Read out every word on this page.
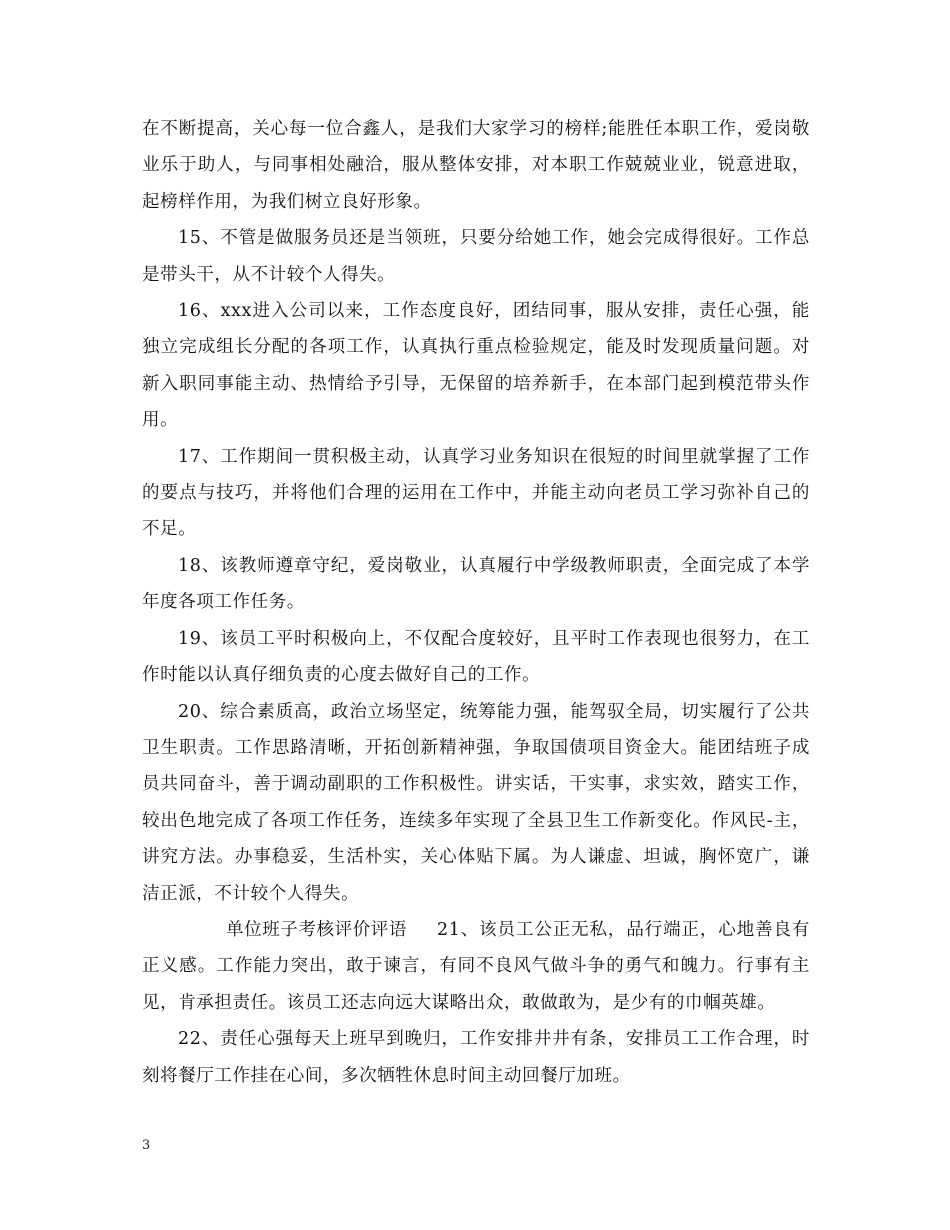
在不断提高，关心每一位合鑫人，是我们大家学习的榜样;能胜任本职工作，爱岗敬业乐于助人，与同事相处融洽，服从整体安排，对本职工作兢兢业业，锐意进取，起榜样作用，为我们树立良好形象。

15、不管是做服务员还是当领班，只要分给她工作，她会完成得很好。工作总是带头干，从不计较个人得失。

16、xxx进入公司以来，工作态度良好，团结同事，服从安排，责任心强，能独立完成组长分配的各项工作，认真执行重点检验规定，能及时发现质量问题。对新入职同事能主动、热情给予引导，无保留的培养新手，在本部门起到模范带头作用。

17、工作期间一贯积极主动，认真学习业务知识在很短的时间里就掌握了工作的要点与技巧，并将他们合理的运用在工作中，并能主动向老员工学习弥补自己的不足。

18、该教师遵章守纪，爱岗敬业，认真履行中学级教师职责，全面完成了本学年度各项工作任务。

19、该员工平时积极向上，不仅配合度较好，且平时工作表现也很努力，在工作时能以认真仔细负责的心度去做好自己的工作。

20、综合素质高，政治立场坚定，统筹能力强，能驾驭全局，切实履行了公共卫生职责。工作思路清晰，开拓创新精神强，争取国债项目资金大。能团结班子成员共同奋斗，善于调动副职的工作积极性。讲实话，干实事，求实效，踏实工作，较出色地完成了各项工作任务，连续多年实现了全县卫生工作新变化。作风民-主，讲究方法。办事稳妥，生活朴实，关心体贴下属。为人谦虚、坦诚，胸怀宽广，谦洁正派，不计较个人得失。

单位班子考核评价评语 21、该员工公正无私，品行端正，心地善良有正义感。工作能力突出，敢于谏言，有同不良风气做斗争的勇气和魄力。行事有主见，肯承担责任。该员工还志向远大谋略出众，敢做敢为，是少有的巾帼英雄。

22、责任心强每天上班早到晚归，工作安排井井有条，安排员工工作合理，时刻将餐厅工作挂在心间，多次牺牲休息时间主动回餐厅加班。

3
